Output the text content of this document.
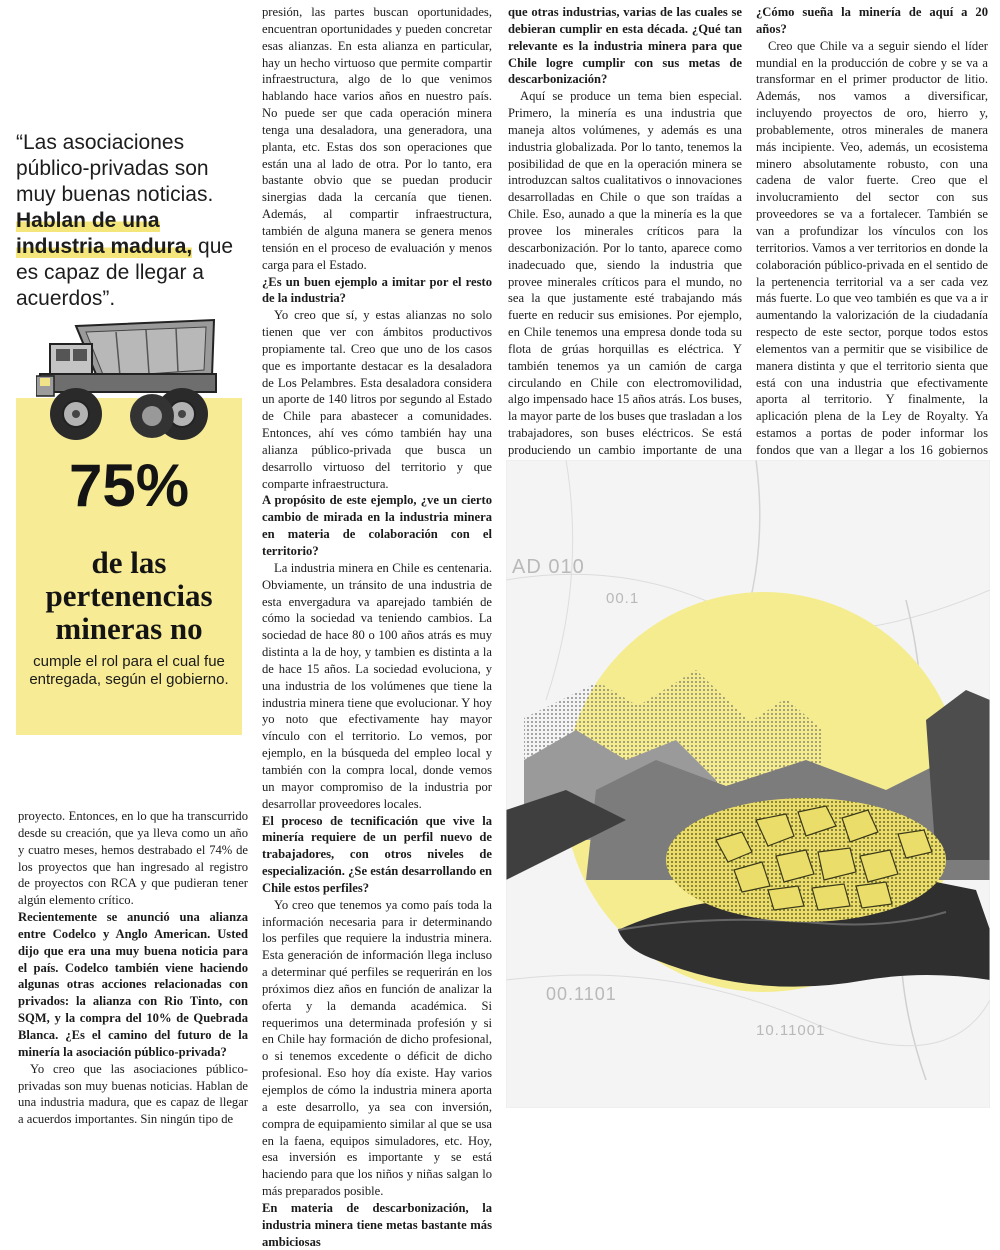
“Las asociaciones público-privadas son muy buenas noticias. Hablan de una industria madura, que es capaz de llegar a acuerdos”.
75%
de las pertenencias mineras no
cumple el rol para el cual fue entregada, según el gobierno.

proyecto. Entonces, en lo que ha transcurrido desde su creación, que ya lleva como un año y cuatro meses, hemos destrabado el 74% de los proyectos que han ingresado al registro de proyectos con RCA y que pudieran tener algún elemento crítico.

Recientemente se anunció una alianza entre Codelco y Anglo American. Usted dijo que era una muy buena noticia para el país. Codelco también viene haciendo algunas otras acciones relacionadas con privados: la alianza con Rio Tinto, con SQM, y la compra del 10% de Quebrada Blanca. ¿Es el camino del futuro de la minería la asociación público-privada?

Yo creo que las asociaciones público-privadas son muy buenas noticias. Hablan de una industria madura, que es capaz de llegar a acuerdos importantes. Sin ningún tipo de

presión, las partes buscan oportunidades, encuentran oportunidades y pueden concretar esas alianzas. En esta alianza en particular, hay un hecho virtuoso que permite compartir infraestructura, algo de lo que venimos hablando hace varios años en nuestro país. No puede ser que cada operación minera tenga una desaladora, una generadora, una planta, etc. Estas dos son operaciones que están una al lado de otra. Por lo tanto, era bastante obvio que se puedan producir sinergias dada la cercanía que tienen. Además, al compartir infraestructura, también de alguna manera se genera menos tensión en el proceso de evaluación y menos carga para el Estado.

¿Es un buen ejemplo a imitar por el resto de la industria?

Yo creo que sí, y estas alianzas no solo tienen que ver con ámbitos productivos propiamente tal. Creo que uno de los casos que es importante destacar es la desaladora de Los Pelambres. Esta desaladora considera un aporte de 140 litros por segundo al Estado de Chile para abastecer a comunidades. Entonces, ahí ves cómo también hay una alianza público-privada que busca un desarrollo virtuoso del territorio y que comparte infraestructura.

A propósito de este ejemplo, ¿ve un cierto cambio de mirada en la industria minera en materia de colaboración con el territorio?

La industria minera en Chile es centenaria. Obviamente, un tránsito de una industria de esta envergadura va aparejado también de cómo la sociedad va teniendo cambios. La sociedad de hace 80 o 100 años atrás es muy distinta a la de hoy, y tambien es distinta a la de hace 15 años. La sociedad evoluciona, y una industria de los volúmenes que tiene la industria minera tiene que evolucionar. Y hoy yo noto que efectivamente hay mayor vínculo con el territorio. Lo vemos, por ejemplo, en la búsqueda del empleo local y también con la compra local, donde vemos un mayor compromiso de la industria por desarrollar proveedores locales.

El proceso de tecnificación que vive la minería requiere de un perfil nuevo de trabajadores, con otros niveles de especialización. ¿Se están desarrollando en Chile estos perfiles?

Yo creo que tenemos ya como país toda la información necesaria para ir determinando los perfiles que requiere la industria minera. Esta generación de información llega incluso a determinar qué perfiles se requerirán en los próximos diez años en función de analizar la oferta y la demanda académica. Si requerimos una determinada profesión y si en Chile hay formación de dicho profesional, o si tenemos excedente o déficit de dicho profesional. Eso hoy día existe. Hay varios ejemplos de cómo la industria minera aporta a este desarrollo, ya sea con inversión, compra de equipamiento similar al que se usa en la faena, equipos simuladores, etc. Hoy, esa inversión es importante y se está haciendo para que los niños y niñas salgan lo más preparados posible.

En materia de descarbonización, la industria minera tiene metas bastante más ambiciosas

que otras industrias, varias de las cuales se debieran cumplir en esta década. ¿Qué tan relevante es la industria minera para que Chile logre cumplir con sus metas de descarbonización?

Aquí se produce un tema bien especial. Primero, la minería es una industria que maneja altos volúmenes, y además es una industria globalizada. Por lo tanto, tenemos la posibilidad de que en la operación minera se introduzcan saltos cualitativos o innovaciones desarrolladas en Chile o que son traídas a Chile. Eso, aunado a que la minería es la que provee los minerales críticos para la descarbonización. Por lo tanto, aparece como inadecuado que, siendo la industria que provee minerales críticos para el mundo, no sea la que justamente esté trabajando más fuerte en reducir sus emisiones. Por ejemplo, en Chile tenemos una empresa donde toda su flota de grúas horquillas es eléctrica. Y también tenemos ya un camión de carga circulando en Chile con electromovilidad, algo impensado hace 15 años atrás. Los buses, la mayor parte de los buses que trasladan a los trabajadores, son buses eléctricos. Se está produciendo un cambio importante de una

¿Cómo sueña la minería de aquí a 20 años?

Creo que Chile va a seguir siendo el líder mundial en la producción de cobre y se va a transformar en el primer productor de litio. Además, nos vamos a diversificar, incluyendo proyectos de oro, hierro y, probablemente, otros minerales de manera más incipiente. Veo, además, un ecosistema minero absolutamente robusto, con una cadena de valor fuerte. Creo que el involucramiento del sector con sus proveedores se va a fortalecer. También se van a profundizar los vínculos con los territorios. Vamos a ver territorios en donde la colaboración público-privada en el sentido de la pertenencia territorial va a ser cada vez más fuerte. Lo que veo también es que va a ir aumentando la valorización de la ciudadanía respecto de este sector, porque todos estos elementos van a permitir que se visibilice de manera distinta y que el territorio sienta que está con una industria que efectivamente aporta al territorio. Y finalmente, la aplicación plena de la Ley de Royalty. Ya estamos a portas de poder informar los fondos que van a llegar a los 16 gobiernos

AD 010
00.1
00.1101
10.11001
